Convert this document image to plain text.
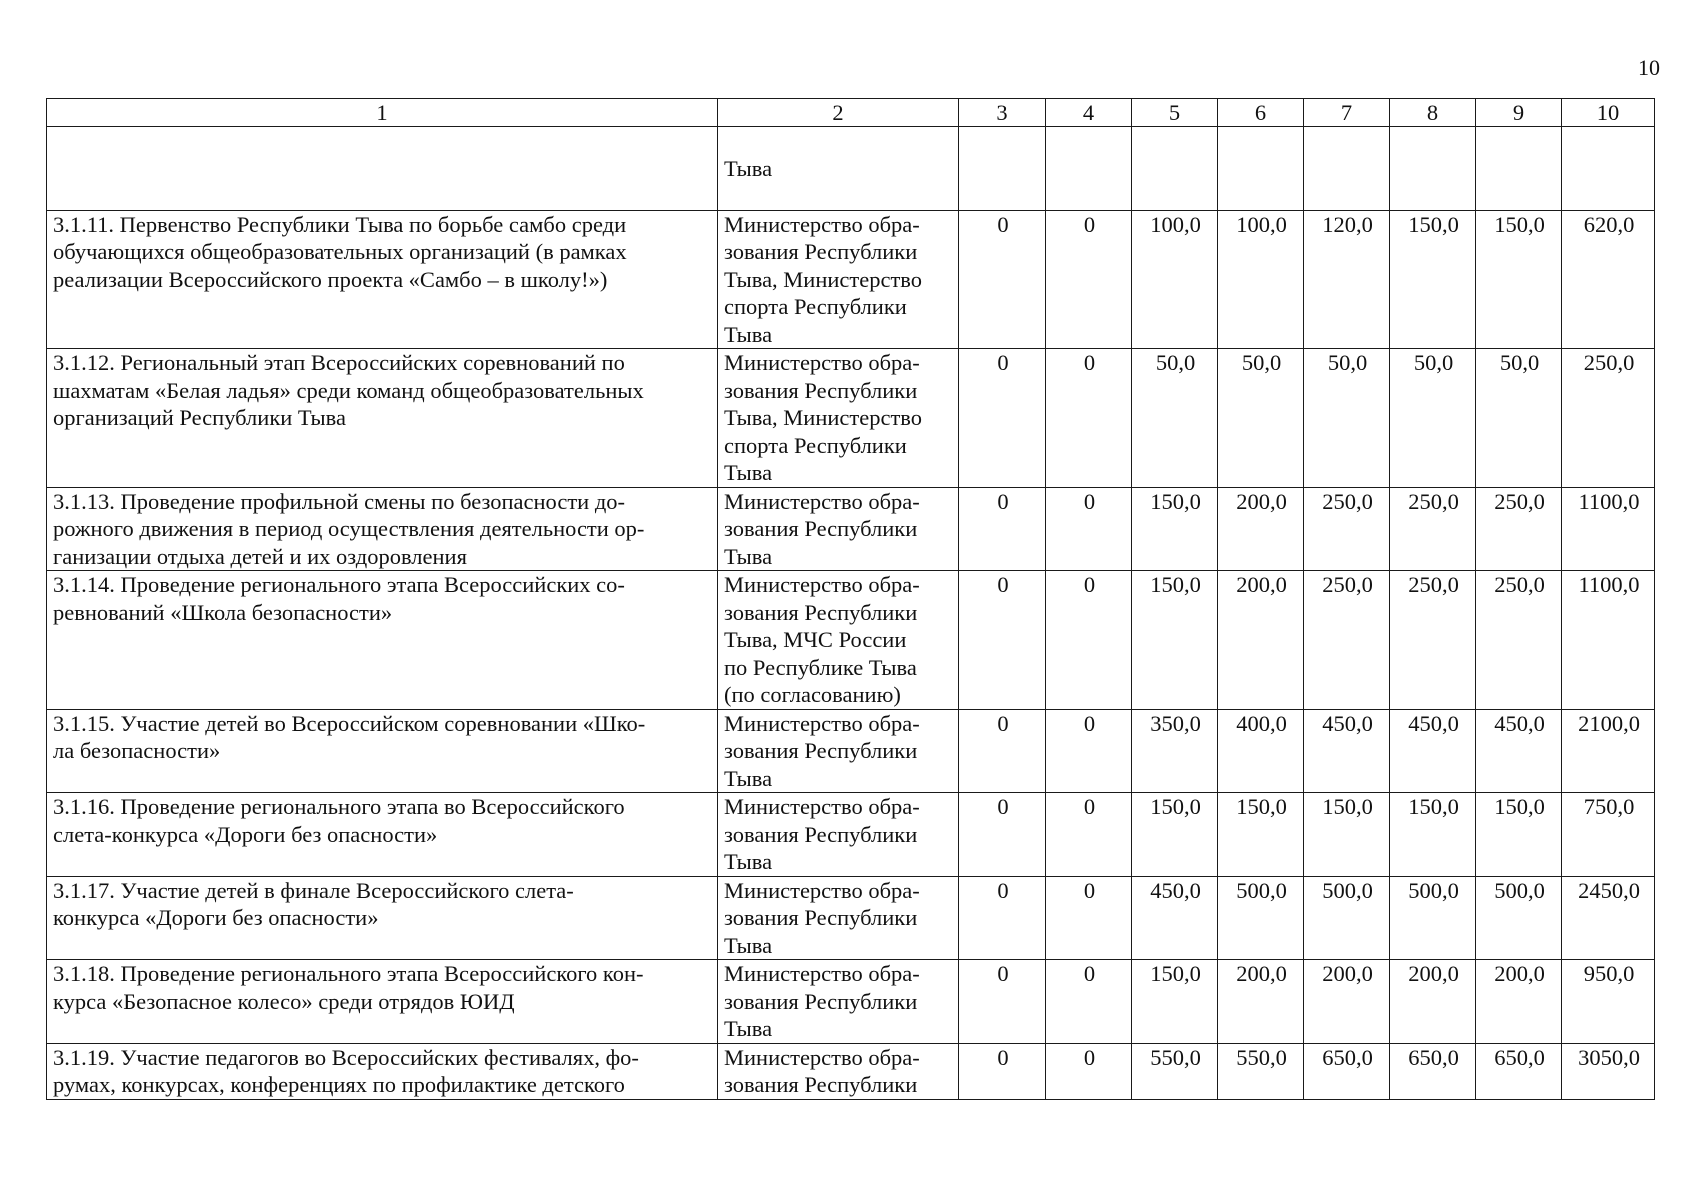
10
1	2	3	4	5	6	7	8	9	10

	Тыва								

3.1.11. Первенство Республики Тыва по борьбе самбо среди
обучающихся общеобразовательных организаций (в рамках
реализации Всероссийского проекта «Самбо – в школу!»)	Министерство обра-
зования Республики
Тыва, Министерство
спорта Республики
Тыва	0	0	100,0	100,0	120,0	150,0	150,0	620,0

3.1.12. Региональный этап Всероссийских соревнований по
шахматам «Белая ладья» среди команд общеобразовательных
организаций Республики Тыва	Министерство обра-
зования Республики
Тыва, Министерство
спорта Республики
Тыва	0	0	50,0	50,0	50,0	50,0	50,0	250,0

3.1.13. Проведение профильной смены по безопасности до-
рожного движения в период осуществления деятельности ор-
ганизации отдыха детей и их оздоровления	Министерство обра-
зования Республики
Тыва	0	0	150,0	200,0	250,0	250,0	250,0	1100,0

3.1.14. Проведение регионального этапа Всероссийских со-
ревнований «Школа безопасности»	Министерство обра-
зования Республики
Тыва, МЧС России
по Республике Тыва
(по согласованию)	0	0	150,0	200,0	250,0	250,0	250,0	1100,0

3.1.15. Участие детей во Всероссийском соревновании «Шко-
ла безопасности»	Министерство обра-
зования Республики
Тыва	0	0	350,0	400,0	450,0	450,0	450,0	2100,0

3.1.16. Проведение регионального этапа во Всероссийского
слета-конкурса «Дороги без опасности»	Министерство обра-
зования Республики
Тыва	0	0	150,0	150,0	150,0	150,0	150,0	750,0

3.1.17. Участие детей в финале Всероссийского слета-
конкурса «Дороги без опасности»	Министерство обра-
зования Республики
Тыва	0	0	450,0	500,0	500,0	500,0	500,0	2450,0

3.1.18. Проведение регионального этапа Всероссийского кон-
курса «Безопасное колесо» среди отрядов ЮИД	Министерство обра-
зования Республики
Тыва	0	0	150,0	200,0	200,0	200,0	200,0	950,0

3.1.19. Участие педагогов во Всероссийских фестивалях, фо-
румах, конкурсах, конференциях по профилактике детского	Министерство обра-
зования Республики	0	0	550,0	550,0	650,0	650,0	650,0	3050,0
